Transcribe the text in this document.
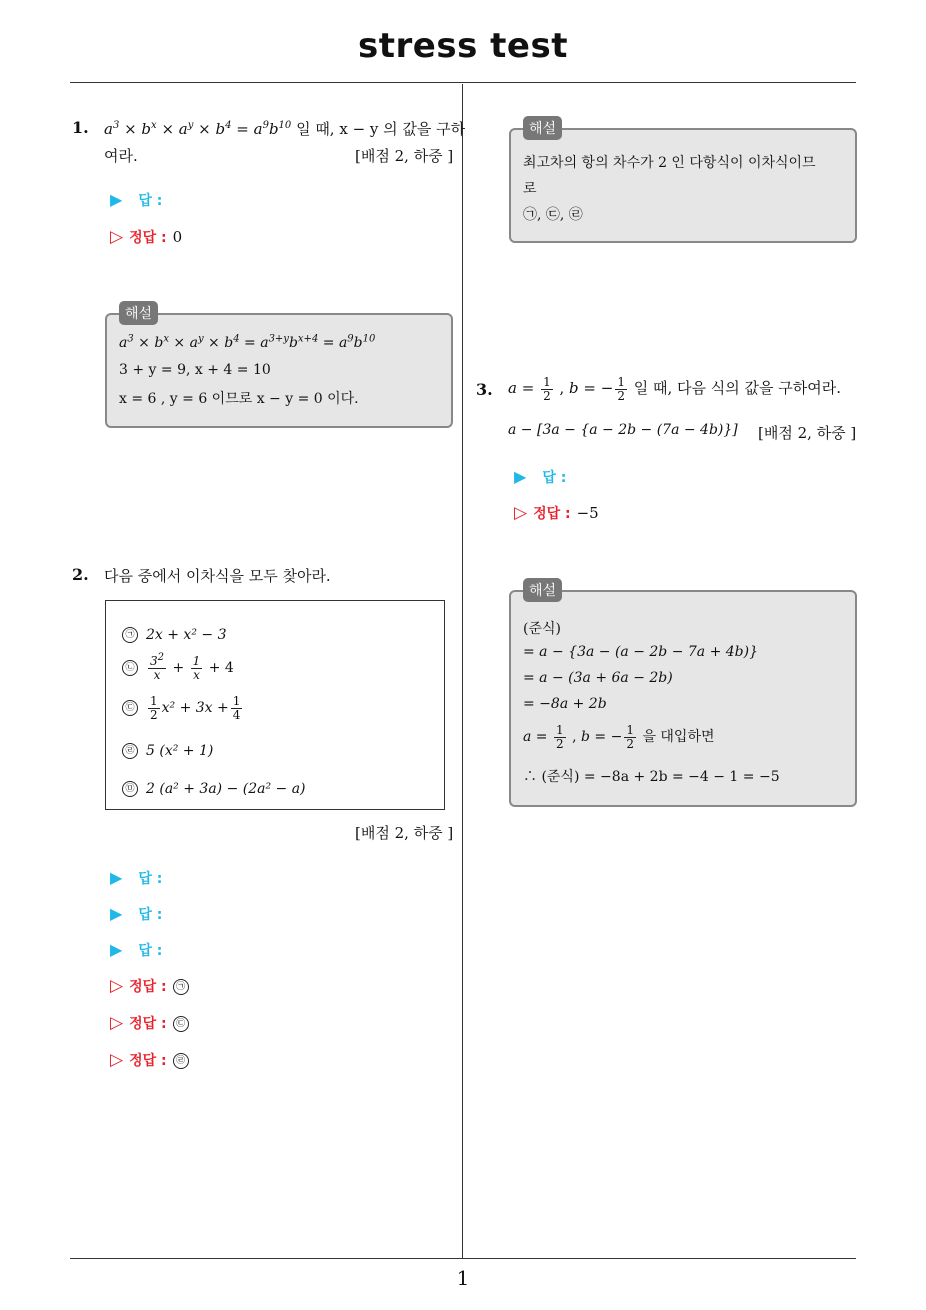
stress test
1
1. $a^3 \times b^x \times a^y \times b^4 = a^9b^{10}$ 일 때, x − y 의 값을 구하
여라.	[배점 2, 하중 ]
▶ 답 :
▷ 정답 : 0
해설
$a^3 \times b^x \times a^y \times b^4 = a^{3+y}b^{x+4} = a^9b^{10}$
3 + y = 9, x + 4 = 10
x = 6 , y = 6 이므로 x − y = 0 이다.
2. 다음 중에서 이차식을 모두 찾아라.
㉠ 2x + x² − 3
㉡ $\frac{3^2}{x} + \frac{1}{x} + 4$
㉢ $\frac{1}{2} x^2 + 3x + \frac{1}{4}$
㉣ 5 (x² + 1)
㉤ 2 (a² + 3a) − (2a² − a)
[배점 2, 하중 ]
▶ 답 :
▶ 답 :
▶ 답 :
▷ 정답 : ㉠
▷ 정답 : ㉢
▷ 정답 : ㉣
해설
최고차의 항의 차수가 2 인 다항식이 이차식이므
로
㉠, ㉢, ㉣
3. $a = \frac{1}{2}$ , b = − $\frac{1}{2}$ 일 때, 다음 식의 값을 구하여라.
a − [3a − {a − 2b − (7a − 4b)}] [배점 2, 하중 ]
▶ 답 :
▷ 정답 : −5
해설
(준식)
= a − {3a − (a − 2b − 7a + 4b)}
= a − (3a + 6a − 2b)
= −8a + 2b
$a = \frac{1}{2}$ , b = − $\frac{1}{2}$ 을 대입하면
∴ (준식) = −8a + 2b = −4 − 1 = −5
